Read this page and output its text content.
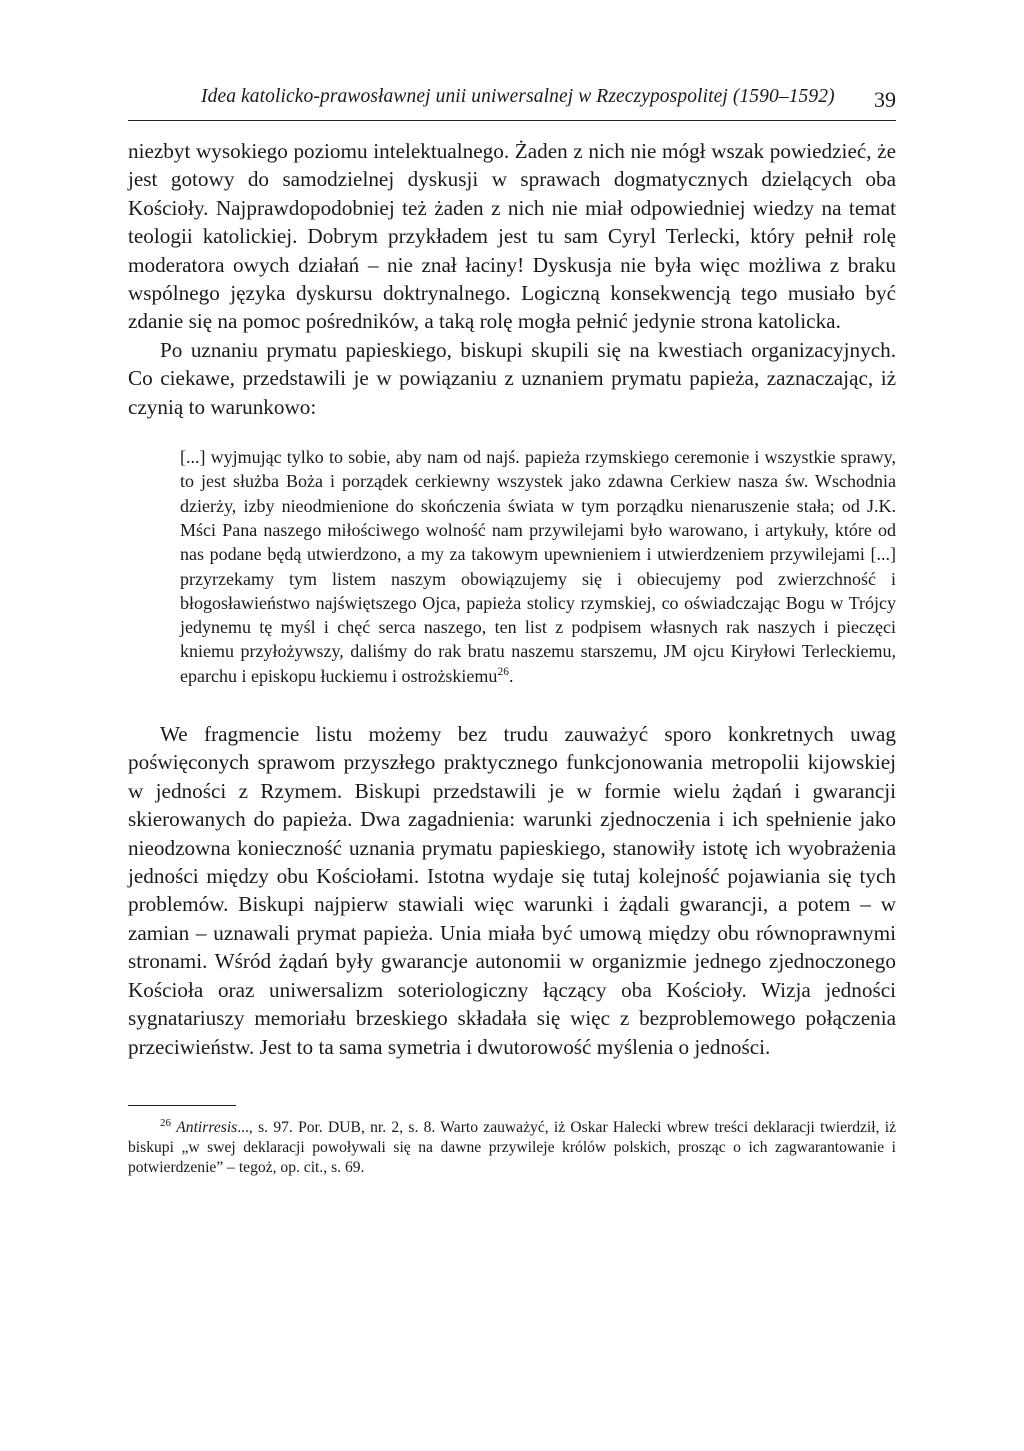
Idea katolicko-prawosławnej unii uniwersalnej w Rzeczypospolitej (1590–1592) 39

niezbyt wysokiego poziomu intelektualnego. Żaden z nich nie mógł wszak powiedzieć, że jest gotowy do samodzielnej dyskusji w sprawach dogmatycznych dzielących oba Kościoły. Najprawdopodobniej też żaden z nich nie miał odpowiedniej wiedzy na temat teologii katolickiej. Dobrym przykładem jest tu sam Cyryl Terlecki, który pełnił rolę moderatora owych działań – nie znał łaciny! Dyskusja nie była więc możliwa z braku wspólnego języka dyskursu doktrynalnego. Logiczną konsekwencją tego musiało być zdanie się na pomoc pośredników, a taką rolę mogła pełnić jedynie strona katolicka.

Po uznaniu prymatu papieskiego, biskupi skupili się na kwestiach organizacyjnych. Co ciekawe, przedstawili je w powiązaniu z uznaniem prymatu papieża, zaznaczając, iż czynią to warunkowo:

[...] wyjmując tylko to sobie, aby nam od najś. papieża rzymskiego ceremonie i wszystkie sprawy, to jest służba Boża i porządek cerkiewny wszystek jako zdawna Cerkiew nasza św. Wschodnia dzierży, izby nieodmienione do skończenia świata w tym porządku nienaruszenie stała; od J.K. Mści Pana naszego miłościwego wolność nam przywilejami było warowano, i artykuły, które od nas podane będą utwierdzono, a my za takowym upewnieniem i utwierdzeniem przywilejami [...] przyrzekamy tym listem naszym obowiązujemy się i obiecujemy pod zwierzchność i błogosławieństwo najświętszego Ojca, papieża stolicy rzymskiej, co oświadczając Bogu w Trójcy jedynemu tę myśl i chęć serca naszego, ten list z podpisem własnych rak naszych i pieczęci kniemu przyłożywszy, daliśmy do rak bratu naszemu starszemu, JM ojcu Kiryłowi Terleckiemu, eparchu i episkopu łuckiemu i ostrożskiemu$^{26}$.

We fragmencie listu możemy bez trudu zauważyć sporo konkretnych uwag poświęconych sprawom przyszłego praktycznego funkcjonowania metropolii kijowskiej w jedności z Rzymem. Biskupi przedstawili je w formie wielu żądań i gwarancji skierowanych do papieża. Dwa zagadnienia: warunki zjednoczenia i ich spełnienie jako nieodzowna konieczność uznania prymatu papieskiego, stanowiły istotę ich wyobrażenia jedności między obu Kościołami. Istotna wydaje się tutaj kolejność pojawiania się tych problemów. Biskupi najpierw stawiali więc warunki i żądali gwarancji, a potem – w zamian – uznawali prymat papieża. Unia miała być umową między obu równoprawnymi stronami. Wśród żądań były gwarancje autonomii w organizmie jednego zjednoczonego Kościoła oraz uniwersalizm soteriologiczny łączący oba Kościoły. Wizja jedności sygnatariuszy memoriału brzeskiego składała się więc z bezproblemowego połączenia przeciwieństw. Jest to ta sama symetria i dwutorowość myślenia o jedności.

$^{26}$ Antirresis..., s. 97. Por. DUB, nr. 2, s. 8. Warto zauważyć, iż Oskar Halecki wbrew treści deklaracji twierdził, iż biskupi „w swej deklaracji powoływali się na dawne przywileje królów polskich, prosząc o ich zagwarantowanie i potwierdzenie” – tegoż, op. cit., s. 69.
